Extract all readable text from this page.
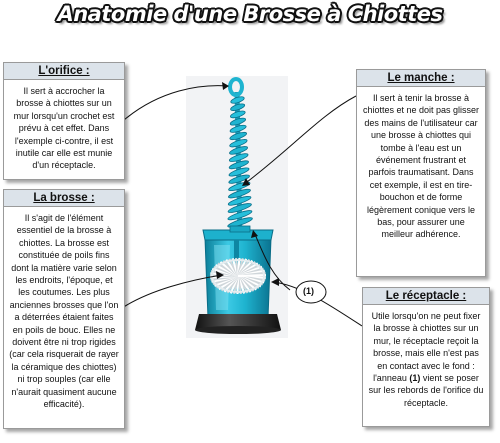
Anatomie d'une Brosse à Chiottes
(1)
L'orifice :
Il sert à accrocher la brosse à chiottes sur un mur lorsqu'un crochet est prévu à cet effet. Dans l'exemple ci-contre, il est inutile car elle est munie d'un réceptacle.
La brosse :
Il s'agit de l'élément essentiel de la brosse à chiottes. La brosse est constituée de poils fins dont la matière varie selon les endroits, l'époque, et les coutumes. Les plus anciennes brosses que l'on a déterrées étaient faites en poils de bouc. Elles ne doivent être ni trop rigides (car cela risquerait de rayer la céramique des chiottes) ni trop souples (car elle n'aurait quasiment aucune efficacité).
Le manche :
Il sert à tenir la brosse à chiottes et ne doit pas glisser des mains de l'utilisateur car une brosse à chiottes qui tombe à l'eau est un événement frustrant et parfois traumatisant. Dans cet exemple, il est en tire-bouchon et de forme légèrement conique vers le bas, pour assurer une meilleur adhérence.
Le réceptacle :
Utile lorsqu'on ne peut fixer la brosse à chiottes sur un mur, le réceptacle reçoit la brosse, mais elle n'est pas en contact avec le fond : l'anneau (1) vient se poser sur les rebords de l'orifice du réceptacle.
